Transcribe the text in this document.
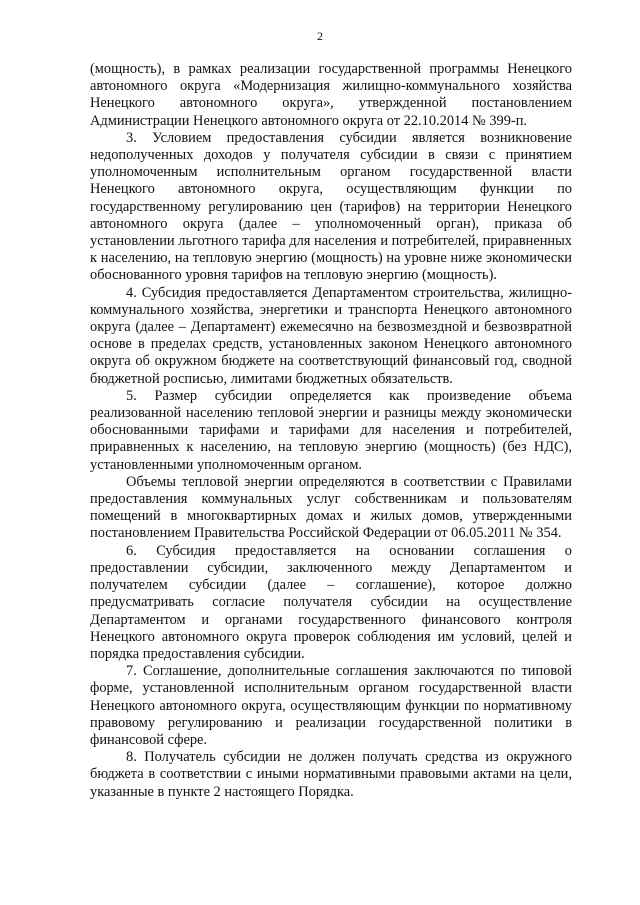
2

(мощность), в рамках реализации государственной программы Ненецкого автономного округа «Модернизация жилищно-коммунального хозяйства Ненецкого автономного округа», утвержденной постановлением Администрации Ненецкого автономного округа от 22.10.2014 № 399-п.

3. Условием предоставления субсидии является возникновение недополученных доходов у получателя субсидии в связи с принятием уполномоченным исполнительным органом государственной власти Ненецкого автономного округа, осуществляющим функции по государственному регулированию цен (тарифов) на территории Ненецкого автономного округа (далее – уполномоченный орган), приказа об установлении льготного тарифа для населения и потребителей, приравненных к населению, на тепловую энергию (мощность) на уровне ниже экономически обоснованного уровня тарифов на тепловую энергию (мощность).

4. Субсидия предоставляется Департаментом строительства, жилищно-коммунального хозяйства, энергетики и транспорта Ненецкого автономного округа (далее – Департамент) ежемесячно на безвозмездной и безвозвратной основе в пределах средств, установленных законом Ненецкого автономного округа об окружном бюджете на соответствующий финансовый год, сводной бюджетной росписью, лимитами бюджетных обязательств.

5. Размер субсидии определяется как произведение объема реализованной населению тепловой энергии и разницы между экономически обоснованными тарифами и тарифами для населения и потребителей, приравненных к населению, на тепловую энергию (мощность) (без НДС), установленными уполномоченным органом.

Объемы тепловой энергии определяются в соответствии с Правилами предоставления коммунальных услуг собственникам и пользователям помещений в многоквартирных домах и жилых домов, утвержденными постановлением Правительства Российской Федерации от 06.05.2011 № 354.

6. Субсидия предоставляется на основании соглашения о предоставлении субсидии, заключенного между Департаментом и получателем субсидии (далее – соглашение), которое должно предусматривать согласие получателя субсидии на осуществление Департаментом и органами государственного финансового контроля Ненецкого автономного округа проверок соблюдения им условий, целей и порядка предоставления субсидии.

7. Соглашение, дополнительные соглашения заключаются по типовой форме, установленной исполнительным органом государственной власти Ненецкого автономного округа, осуществляющим функции по нормативному правовому регулированию и реализации государственной политики в финансовой сфере.

8. Получатель субсидии не должен получать средства из окружного бюджета в соответствии с иными нормативными правовыми актами на цели, указанные в пункте 2 настоящего Порядка.
